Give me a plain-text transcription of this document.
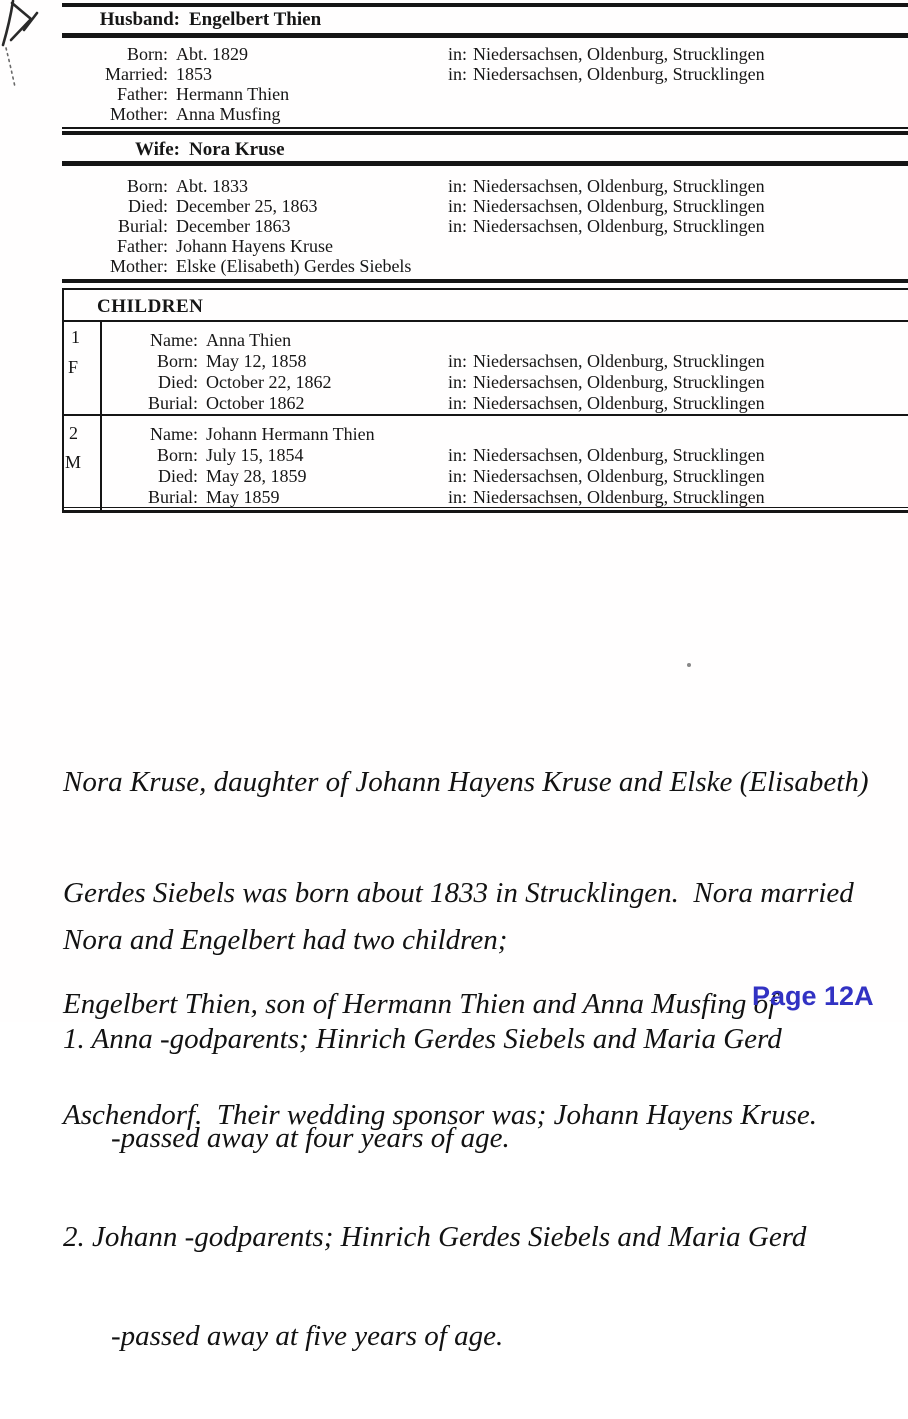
Husband: Engelbert Thien
Born: Abt. 1829	in: Niedersachsen, Oldenburg, Strucklingen
Married: 1853	in: Niedersachsen, Oldenburg, Strucklingen
Father: Hermann Thien
Mother: Anna Musfing
Wife: Nora Kruse
Born: Abt. 1833	in: Niedersachsen, Oldenburg, Strucklingen
Died: December 25, 1863	in: Niedersachsen, Oldenburg, Strucklingen
Burial: December 1863	in: Niedersachsen, Oldenburg, Strucklingen
Father: Johann Hayens Kruse
Mother: Elske (Elisabeth) Gerdes Siebels
CHILDREN
1
F
Name: Anna Thien
Born: May 12, 1858	in: Niedersachsen, Oldenburg, Strucklingen
Died: October 22, 1862	in: Niedersachsen, Oldenburg, Strucklingen
Burial: October 1862	in: Niedersachsen, Oldenburg, Strucklingen
2
M
Name: Johann Hermann Thien
Born: July 15, 1854	in: Niedersachsen, Oldenburg, Strucklingen
Died: May 28, 1859	in: Niedersachsen, Oldenburg, Strucklingen
Burial: May 1859	in: Niedersachsen, Oldenburg, Strucklingen

Nora Kruse, daughter of Johann Hayens Kruse and Elske (Elisabeth)

Gerdes Siebels was born about 1833 in Strucklingen.  Nora married

Engelbert Thien, son of Hermann Thien and Anna Musfing of

Aschendorf.  Their wedding sponsor was; Johann Hayens Kruse.

Nora and Engelbert had two children;

1. Anna -godparents; Hinrich Gerdes Siebels and Maria Gerd

-passed away at four years of age.

2. Johann -godparents; Hinrich Gerdes Siebels and Maria Gerd

-passed away at five years of age.

Page 12A
